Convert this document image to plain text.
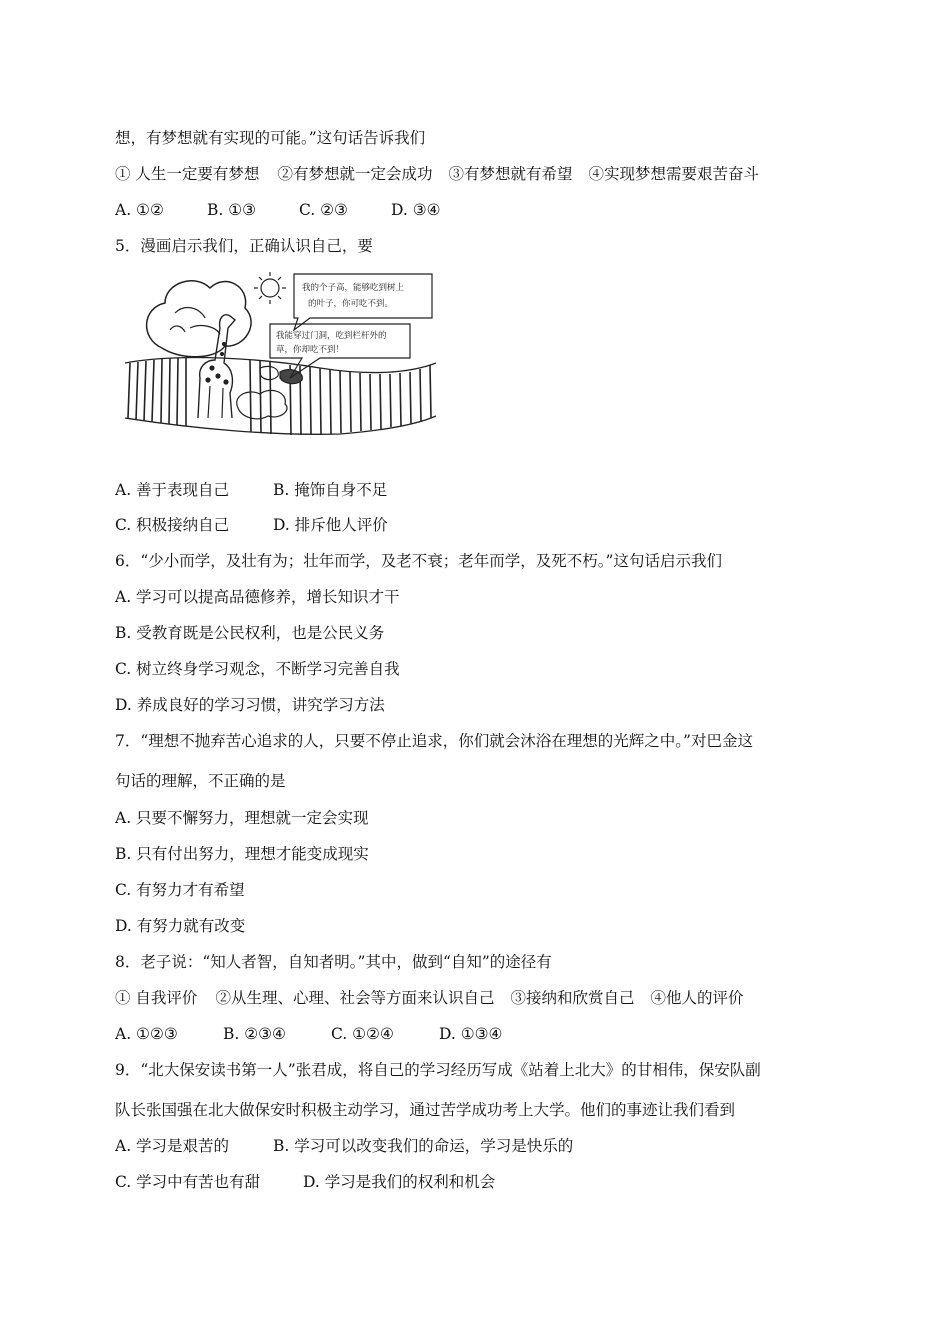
想，有梦想就有实现的可能。”这句话告诉我们
① 人生一定要有梦想 ②有梦想就一定会成功 ③有梦想就有希望 ④实现梦想需要艰苦奋斗
A. ①②	B. ①③	C. ②③	D. ③④
5．漫画启示我们，正确认识自己，要
我的个子高，能够吃到树上
的叶子，你可吃不到。
我能穿过门洞，吃到栏杆外的
草，你却吃不到！
A. 善于表现自己	B. 掩饰自身不足
C. 积极接纳自己	D. 排斥他人评价
6．“少小而学，及壮有为；壮年而学，及老不衰；老年而学，及死不朽。”这句话启示我们
A. 学习可以提高品德修养，增长知识才干
B. 受教育既是公民权利，也是公民义务
C. 树立终身学习观念，不断学习完善自我
D. 养成良好的学习习惯，讲究学习方法
7．“理想不抛弃苦心追求的人，只要不停止追求，你们就会沐浴在理想的光辉之中。”对巴金这
句话的理解，不正确的是
A. 只要不懈努力，理想就一定会实现
B. 只有付出努力，理想才能变成现实
C. 有努力才有希望
D. 有努力就有改变
8．老子说：“知人者智，自知者明。”其中，做到“自知”的途径有
① 自我评价 ②从生理、心理、社会等方面来认识自己 ③接纳和欣赏自己 ④他人的评价
A. ①②③	B. ②③④	C. ①②④	D. ①③④
9．“北大保安读书第一人”张君成，将自己的学习经历写成《站着上北大》的甘相伟，保安队副
队长张国强在北大做保安时积极主动学习，通过苦学成功考上大学。他们的事迹让我们看到
A. 学习是艰苦的	B. 学习可以改变我们的命运，学习是快乐的
C. 学习中有苦也有甜	D. 学习是我们的权利和机会
